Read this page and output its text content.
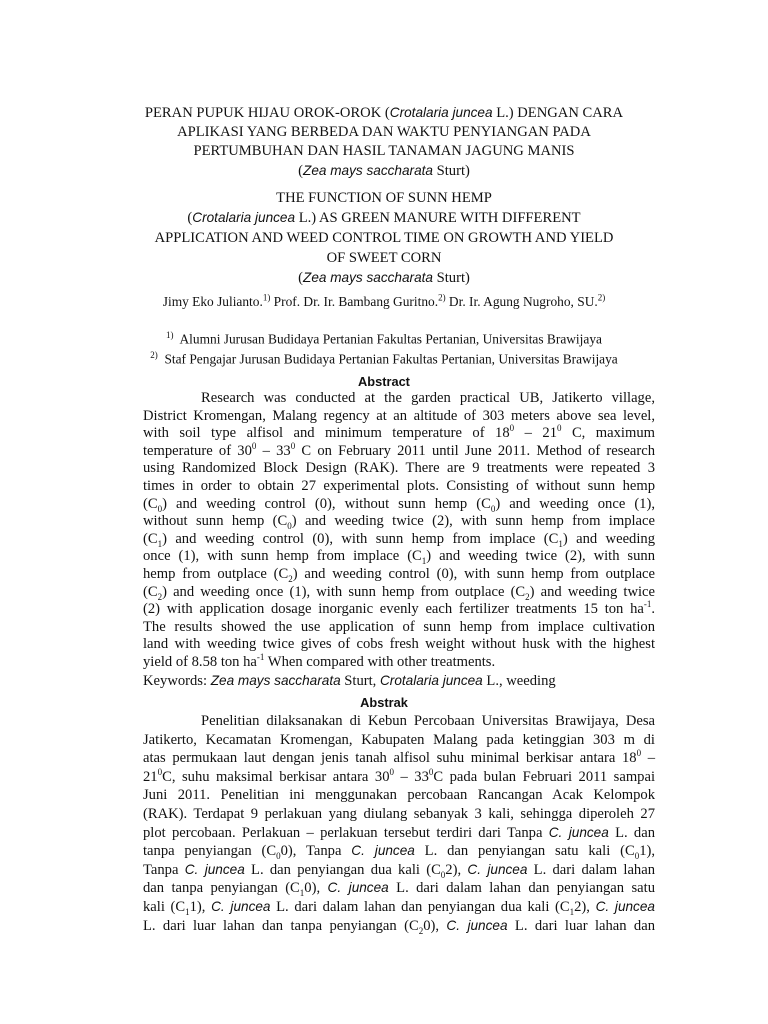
PERAN PUPUK HIJAU OROK-OROK (Crotalaria juncea L.) DENGAN CARA
APLIKASI YANG BERBEDA DAN WAKTU PENYIANGAN PADA
PERTUMBUHAN DAN HASIL TANAMAN JAGUNG MANIS
(Zea mays saccharata Sturt)
THE FUNCTION OF SUNN HEMP
(Crotalaria juncea L.) AS GREEN MANURE WITH DIFFERENT
APPLICATION AND WEED CONTROL TIME ON GROWTH AND YIELD
OF SWEET CORN
(Zea mays saccharata Sturt)
Jimy Eko Julianto.$^{1)}$ Prof. Dr. Ir. Bambang Guritno.$^{2)}$ Dr. Ir. Agung Nugroho, SU.$^{2)}$
$^{1)}$ Alumni Jurusan Budidaya Pertanian Fakultas Pertanian, Universitas Brawijaya
$^{2)}$ Staf Pengajar Jurusan Budidaya Pertanian Fakultas Pertanian, Universitas Brawijaya
Abstract
Research was conducted at the garden practical UB, Jatikerto village,
District Kromengan, Malang regency at an altitude of 303 meters above sea level,
with soil type alfisol and minimum temperature of $18^0 - 21^0$ C, maximum
temperature of $30^0 - 33^0$ C on February 2011 until June 2011. Method of research
using Randomized Block Design (RAK). There are 9 treatments were repeated 3
times in order to obtain 27 experimental plots. Consisting of without sunn hemp
$(C_0)$ and weeding control (0), without sunn hemp $(C_0)$ and weeding once (1),
without sunn hemp $(C_0)$ and weeding twice (2), with sunn hemp from implace
$(C_1)$ and weeding control (0), with sunn hemp from implace $(C_1)$ and weeding
once (1), with sunn hemp from implace $(C_1)$ and weeding twice (2), with sunn
hemp from outplace $(C_2)$ and weeding control (0), with sunn hemp from outplace
$(C_2)$ and weeding once (1), with sunn hemp from outplace $(C_2)$ and weeding twice
(2) with application dosage inorganic evenly each fertilizer treatments 15 ton $ha^{-1}$.
The results showed the use application of sunn hemp from implace cultivation
land with weeding twice gives of cobs fresh weight without husk with the highest
yield of 8.58 ton $ha^{-1}$ When compared with other treatments.
Keywords: Zea mays saccharata Sturt, Crotalaria juncea L., weeding
Abstrak
Penelitian dilaksanakan di Kebun Percobaan Universitas Brawijaya, Desa
Jatikerto, Kecamatan Kromengan, Kabupaten Malang pada ketinggian 303 m di
atas permukaan laut dengan jenis tanah alfisol suhu minimal berkisar antara $18^0$ –
$21^0C$, suhu maksimal berkisar antara $30^0 - 33^0C$ pada bulan Februari 2011 sampai
Juni 2011. Penelitian ini menggunakan percobaan Rancangan Acak Kelompok
(RAK). Terdapat 9 perlakuan yang diulang sebanyak 3 kali, sehingga diperoleh 27
plot percobaan. Perlakuan – perlakuan tersebut terdiri dari Tanpa C. juncea L. dan
tanpa penyiangan $(C_00)$, Tanpa C. juncea L. dan penyiangan satu kali $(C_01)$,
Tanpa C. juncea L. dan penyiangan dua kali $(C_02)$, C. juncea L. dari dalam lahan
dan tanpa penyiangan $(C_10)$, C. juncea L. dari dalam lahan dan penyiangan satu
kali $(C_11)$, C. juncea L. dari dalam lahan dan penyiangan dua kali $(C_12)$, C. juncea
L. dari luar lahan dan tanpa penyiangan $(C_20)$, C. juncea L. dari luar lahan dan
